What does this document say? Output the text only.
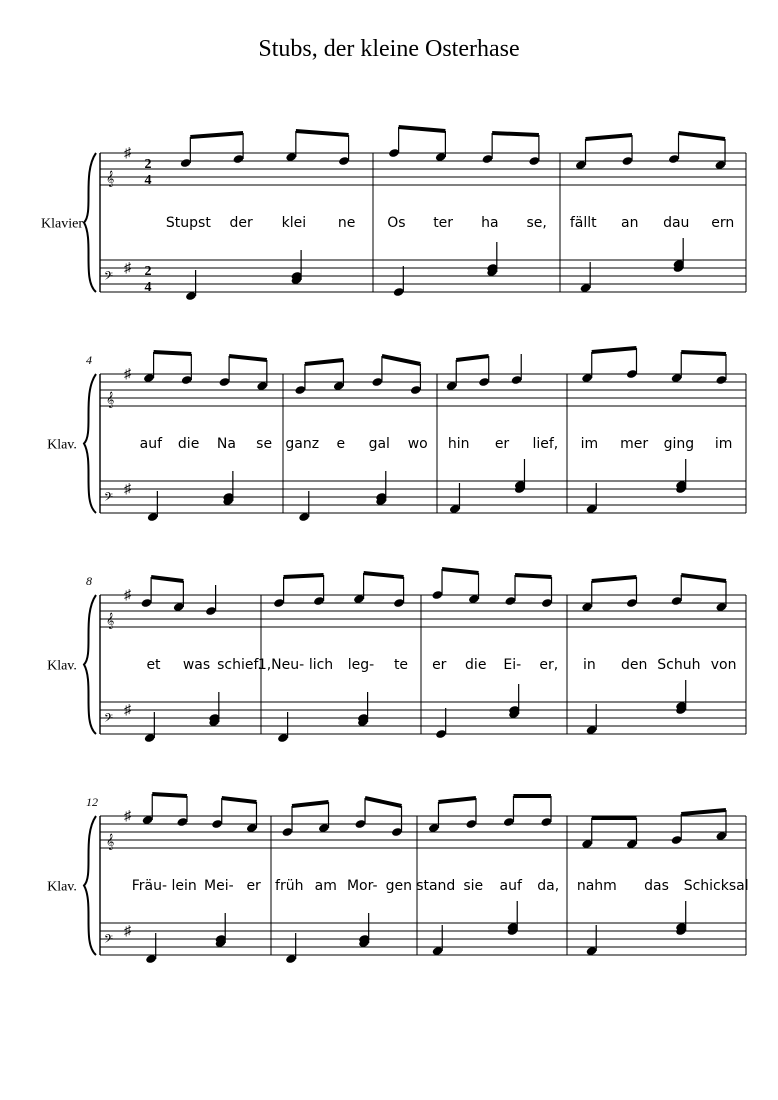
Stubs, der kleine Osterhase
Klavier
𝄞
𝄢
♯
♯
2
4
2
4
Stupst der klei ne Os ter ha se, fällt an dau ern
Klav.
4
𝄞
𝄢
♯
♯
auf die Na se ganz e gal wo hin er lief, im mer ging im
Klav.
8
𝄞
𝄢
♯
♯
et was schief.
1,Neu- lich leg- te er die Ei- er, in den Schuh von
Klav.
12
𝄞
𝄢
♯
♯
Fräu- lein Mei- er früh am Mor- gen stand sie auf da, nahm das Schicksal
